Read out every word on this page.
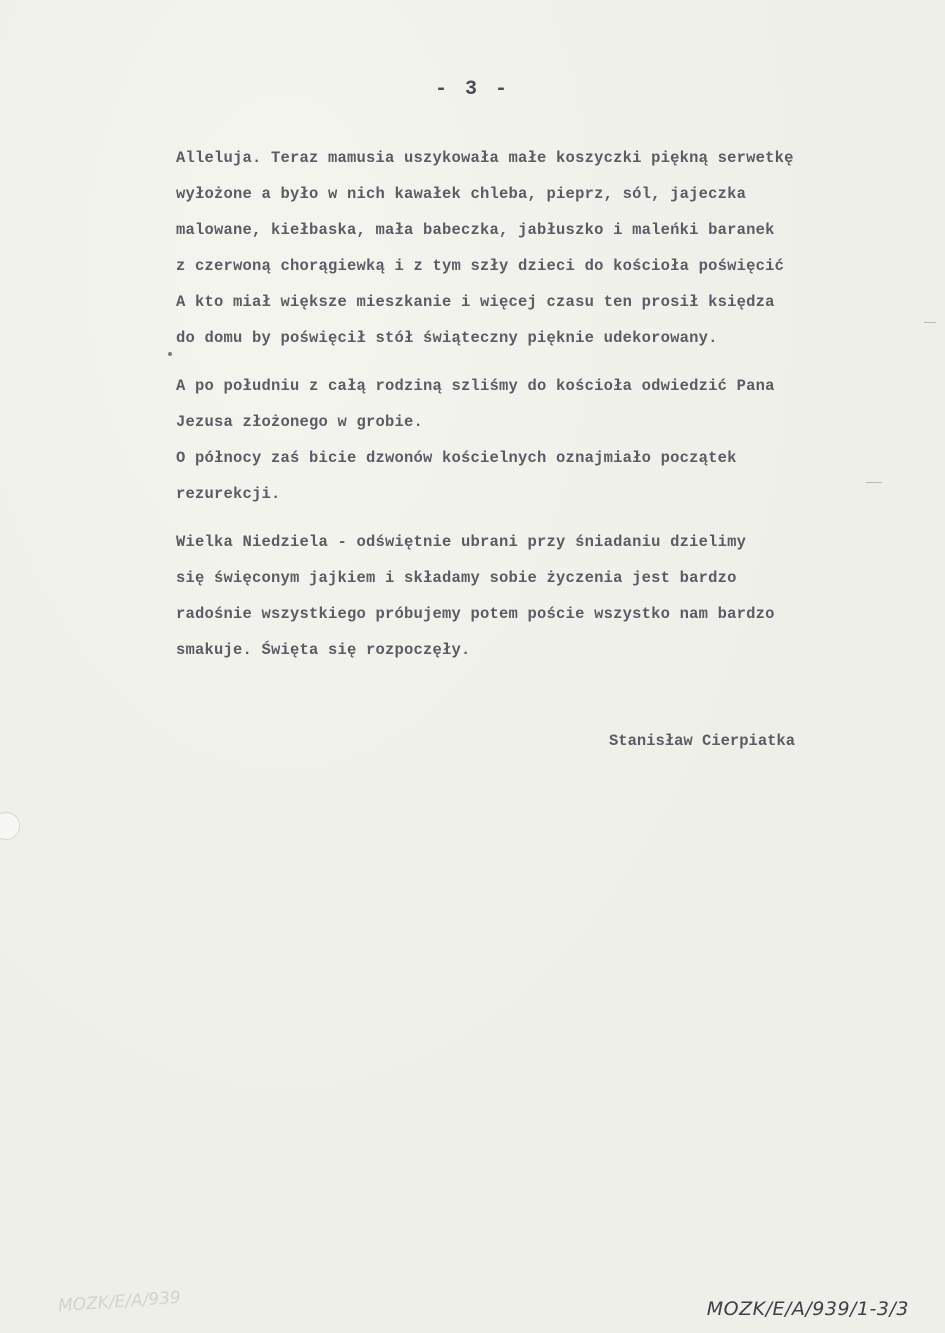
- 3 -
Alleluja. Teraz mamusia uszykowała małe koszyczki piękną serwetkę
wyłożone a było w nich kawałek chleba, pieprz, sól, jajeczka
malowane, kiełbaska, mała babeczka, jabłuszko i maleńki baranek
z czerwoną chorągiewką i z tym szły dzieci do kościoła poświęcić
A kto miał większe mieszkanie i więcej czasu ten prosił księdza
do domu by poświęcił stół świąteczny pięknie udekorowany.
A po południu z całą rodziną szliśmy do kościoła odwiedzić Pana
Jezusa złożonego w grobie.
O północy zaś bicie dzwonów kościelnych oznajmiało początek
rezurekcji.
Wielka Niedziela - odświętnie ubrani przy śniadaniu dzielimy
się święconym jajkiem i składamy sobie życzenia jest bardzo
radośnie wszystkiego próbujemy potem poście wszystko nam bardzo
smakuje. Święta się rozpoczęły.
Stanisław Cierpiatka
MOZK/E/A/939	MOZK/E/A/939/1-3/3
